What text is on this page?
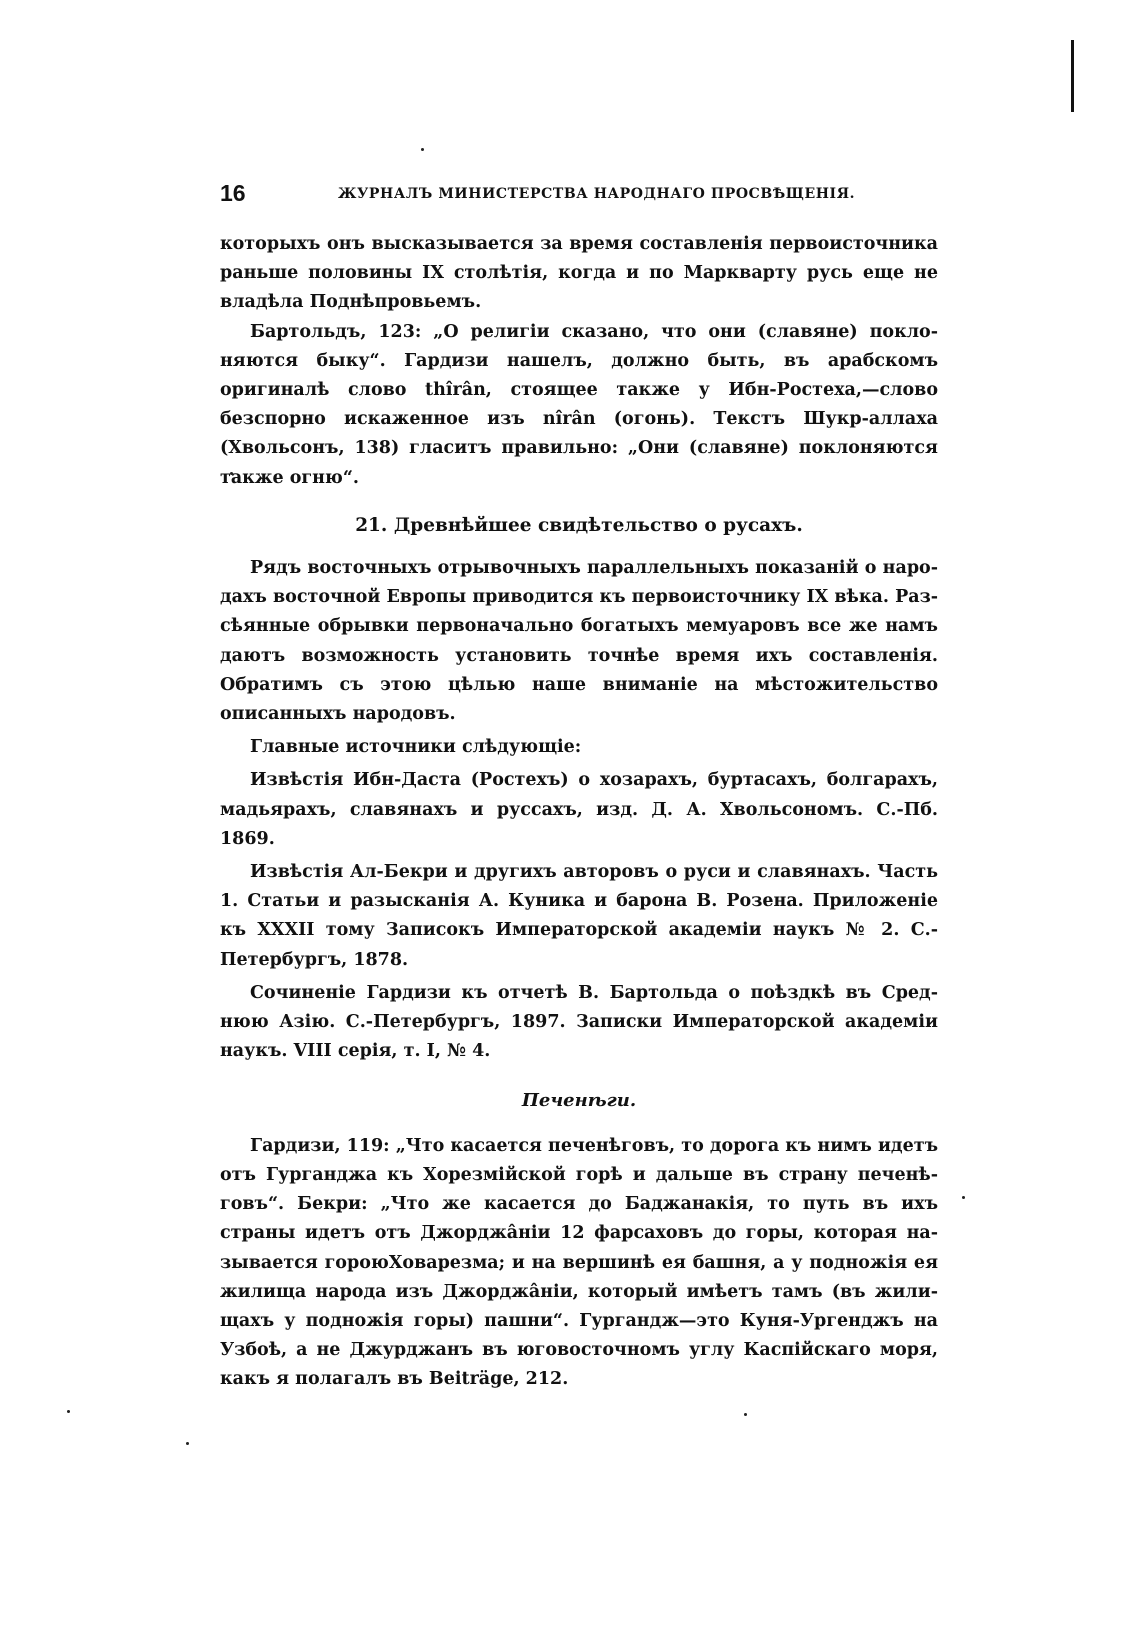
16	ЖУРНАЛЪ МИНИСТЕРСТВА НАРОДНАГО ПРОСВѢЩЕНІЯ.

которыхъ онъ высказывается за время составленія первоисточника раньше половины IX столѣтія, когда и по Маркварту русь еще не владѣла Поднѣпровьемъ.

Бартольдъ, 123: „О религіи сказано, что они (славяне) поклоняются быку“. Гардизи нашелъ, должно быть, въ арабскомъ оригиналѣ слово thîrân, стоящее также у Ибн-Ростеха,—слово безспорно искаженное изъ nîrân (огонь). Текстъ Шукр-аллаха (Хвольсонъ, 138) гласитъ правильно: „Они (славяне) поклоняются также огню“.

21. Древнѣйшее свидѣтельство о русахъ.

Рядъ восточныхъ отрывочныхъ параллельныхъ показаній о народахъ восточной Европы приводится къ первоисточнику IX вѣка. Разсѣянные обрывки первоначально богатыхъ мемуаровъ все же намъ даютъ возможность установить точнѣе время ихъ составленія. Обратимъ съ этою цѣлью наше вниманіе на мѣстожительство описанныхъ народовъ.

Главные источники слѣдующіе:

Извѣстія Ибн-Даста (Ростехъ) о хозарахъ, буртасахъ, болгарахъ, мадьярахъ, славянахъ и руссахъ, изд. Д. А. Хвольсономъ. С.-Пб. 1869.

Извѣстія Ал-Бекри и другихъ авторовъ о руси и славянахъ. Часть 1. Статьи и разысканія А. Куника и барона В. Розена. Приложеніе къ XXXII тому Записокъ Императорской академіи наукъ № 2. С.-Петербургъ, 1878.

Сочиненіе Гардизи къ отчетѣ В. Бартольда о поѣздкѣ въ Среднюю Азію. С.-Петербургъ, 1897. Записки Императорской академіи наукъ. VIII серія, т. I, № 4.

Печенѣги.

Гардизи, 119: „Что касается печенѣговъ, то дорога къ нимъ идетъ отъ Гурганджа къ Хорезмійской горѣ и дальше въ страну печенѣговъ“. Бекри: „Что же касается до Баджанакія, то путь въ ихъ страны идетъ отъ Джорджâніи 12 фарсаховъ до горы, которая называется гороюХоварезма; и на вершинѣ ея башня, а у подножія ея жилища народа изъ Джорджâніи, который имѣетъ тамъ (въ жилищахъ у подножія горы) пашни“. Гургандж—это Куня-Ургенджъ на Узбоѣ, а не Джурджанъ въ юговосточномъ углу Каспійскаго моря, какъ я полагалъ въ Beiträge, 212.
